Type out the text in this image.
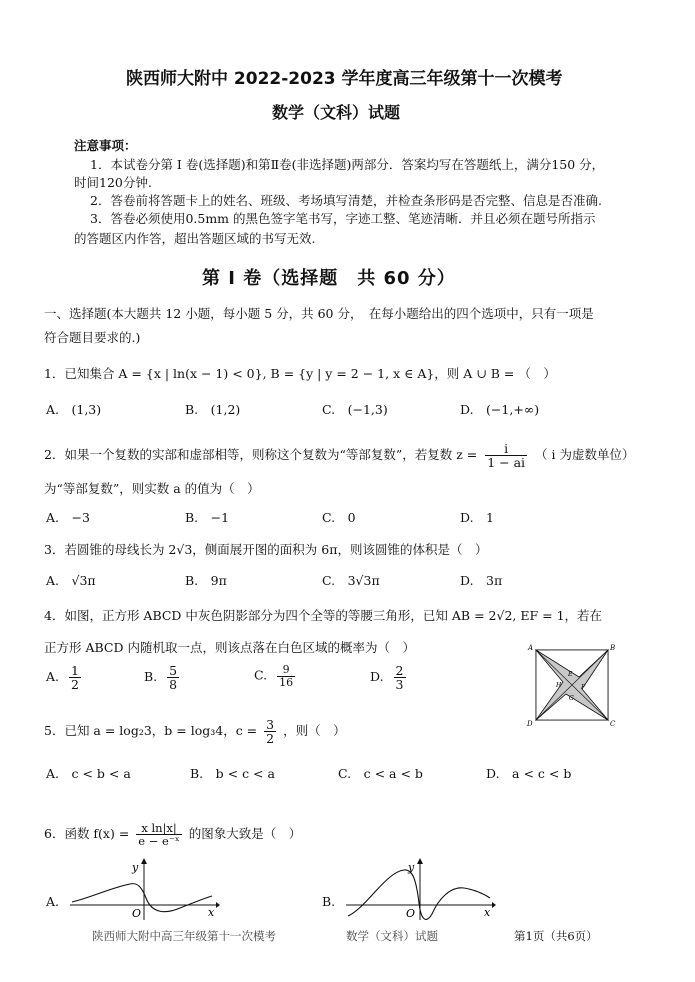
陕西师大附中 2022-2023 学年度高三年级第十一次模考
数学（文科）试题
注意事项：
1．本试卷分第 I 卷(选择题)和第Ⅱ卷(非选择题)两部分．答案均写在答题纸上，满分150 分，
时间120分钟.
2．答卷前将答题卡上的姓名、班级、考场填写清楚，并检查条形码是否完整、信息是否准确.
3．答卷必须使用0.5mm 的黑色签字笔书写，字迹工整、笔迹清晰．并且必须在题号所指示
的答题区内作答，超出答题区域的书写无效.
第 Ⅰ 卷（选择题　共 60 分）
一、选择题(本大题共 12 小题，每小题 5 分，共 60 分，　在每小题给出的四个选项中，只有一项是
符合题目要求的.)
1．已知集合 A = {x | ln(x − 1) < 0}, B = {y | y = 2 − 1, x ∈ A}，则 A ∪ B = （　）
A.　(1,3)	B.　(1,2)	C.　(−1,3)	D.　(−1,+∞)
2．如果一个复数的实部和虚部相等，则称这个复数为“等部复数”，若复数 $z = \frac{i}{1 - ai}$ （ i 为虚数单位）
为“等部复数”，则实数 a 的值为（　）
A.　−3	B.　−1	C.　0	D.　1
3．若圆锥的母线长为 2√3，侧面展开图的面积为 6π，则该圆锥的体积是（　）
A.　√3π	B.　9π	C.　3√3π	D.　3π
4．如图，正方形 ABCD 中灰色阴影部分为四个全等的等腰三角形，已知 AB = 2√2, EF = 1，若在
正方形 ABCD 内随机取一点，则该点落在白色区域的概率为（　）
A. $\frac{1}{2}$	B. $\frac{5}{8}$	C. $\frac{9}{16}$	D. $\frac{2}{3}$
A	B
C
D
E
F
G
H
5．已知 a = log₂3，b = log₃4，$c = \frac{3}{2}$ ，则（　）
A.　c < b < a	B.　b < c < a	C.　c < a < b	D.　a < c < b
6．函数 $f(x) = \frac{\text{x ln|x|}}{\text{e − e⁻ˣ}}$ 的图象大致是（　）
A.
y
x
O
B.
y
x
O
陕西师大附中高三年级第十一次模考	数学（文科）试题	第1页（共6页）
